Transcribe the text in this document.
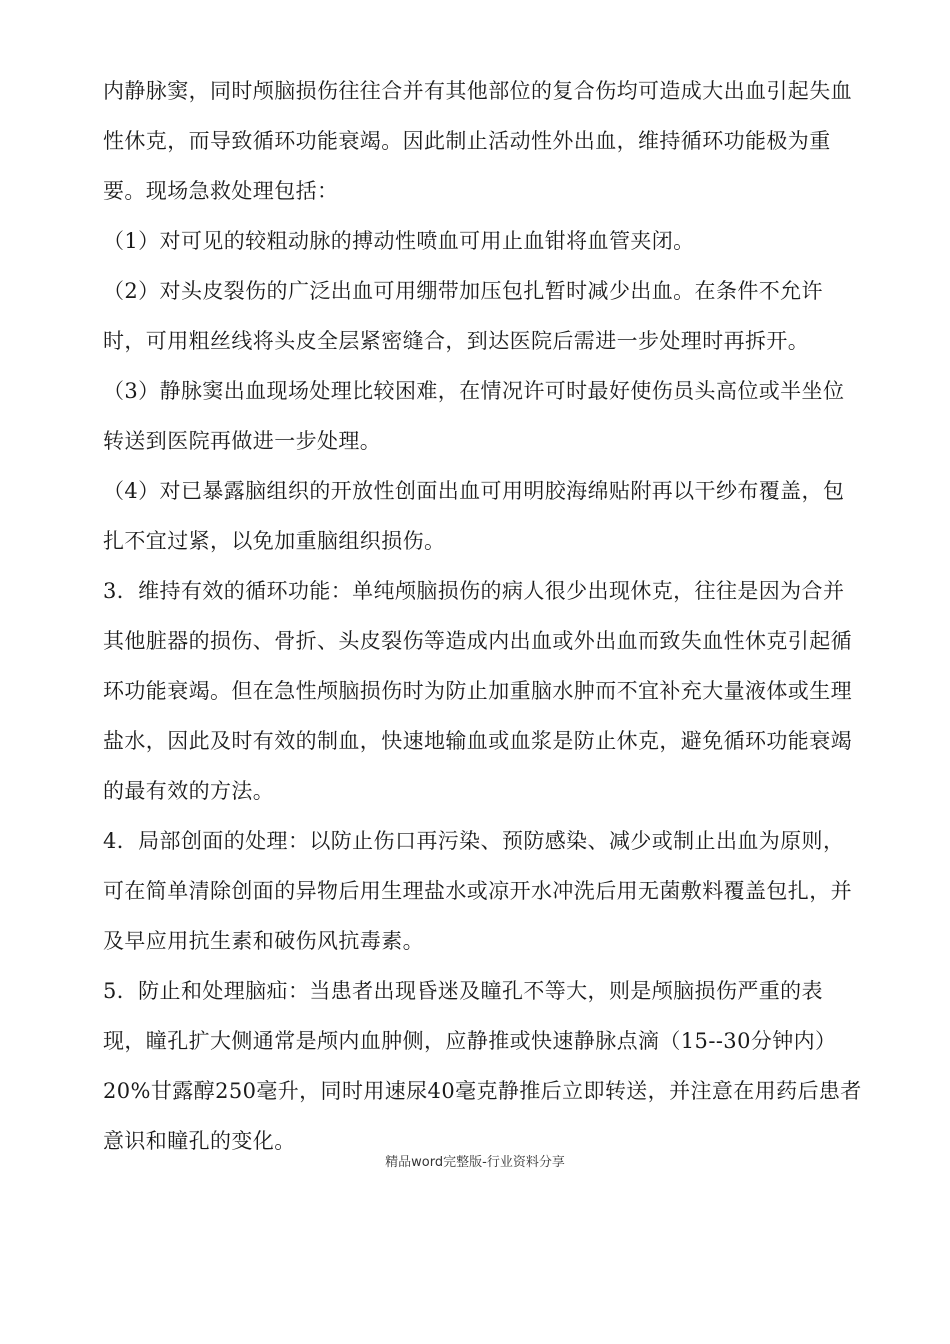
内静脉窦，同时颅脑损伤往往合并有其他部位的复合伤均可造成大出血引起失血性休克，而导致循环功能衰竭。因此制止活动性外出血，维持循环功能极为重要。现场急救处理包括：

（1）对可见的较粗动脉的搏动性喷血可用止血钳将血管夹闭。

（2）对头皮裂伤的广泛出血可用绷带加压包扎暂时减少出血。在条件不允许时，可用粗丝线将头皮全层紧密缝合，到达医院后需进一步处理时再拆开。

（3）静脉窦出血现场处理比较困难，在情况许可时最好使伤员头高位或半坐位转送到医院再做进一步处理。

（4）对已暴露脑组织的开放性创面出血可用明胶海绵贴附再以干纱布覆盖，包扎不宜过紧，以免加重脑组织损伤。

3．维持有效的循环功能：单纯颅脑损伤的病人很少出现休克，往往是因为合并其他脏器的损伤、骨折、头皮裂伤等造成内出血或外出血而致失血性休克引起循环功能衰竭。但在急性颅脑损伤时为防止加重脑水肿而不宜补充大量液体或生理盐水，因此及时有效的制血，快速地输血或血浆是防止休克，避免循环功能衰竭的最有效的方法。

4．局部创面的处理：以防止伤口再污染、预防感染、减少或制止出血为原则，可在简单清除创面的异物后用生理盐水或凉开水冲洗后用无菌敷料覆盖包扎，并及早应用抗生素和破伤风抗毒素。

5．防止和处理脑疝：当患者出现昏迷及瞳孔不等大，则是颅脑损伤严重的表现，瞳孔扩大侧通常是颅内血肿侧，应静推或快速静脉点滴（15--30分钟内）20%甘露醇250毫升，同时用速尿40毫克静推后立即转送，并注意在用药后患者意识和瞳孔的变化。

精品word完整版-行业资料分享
